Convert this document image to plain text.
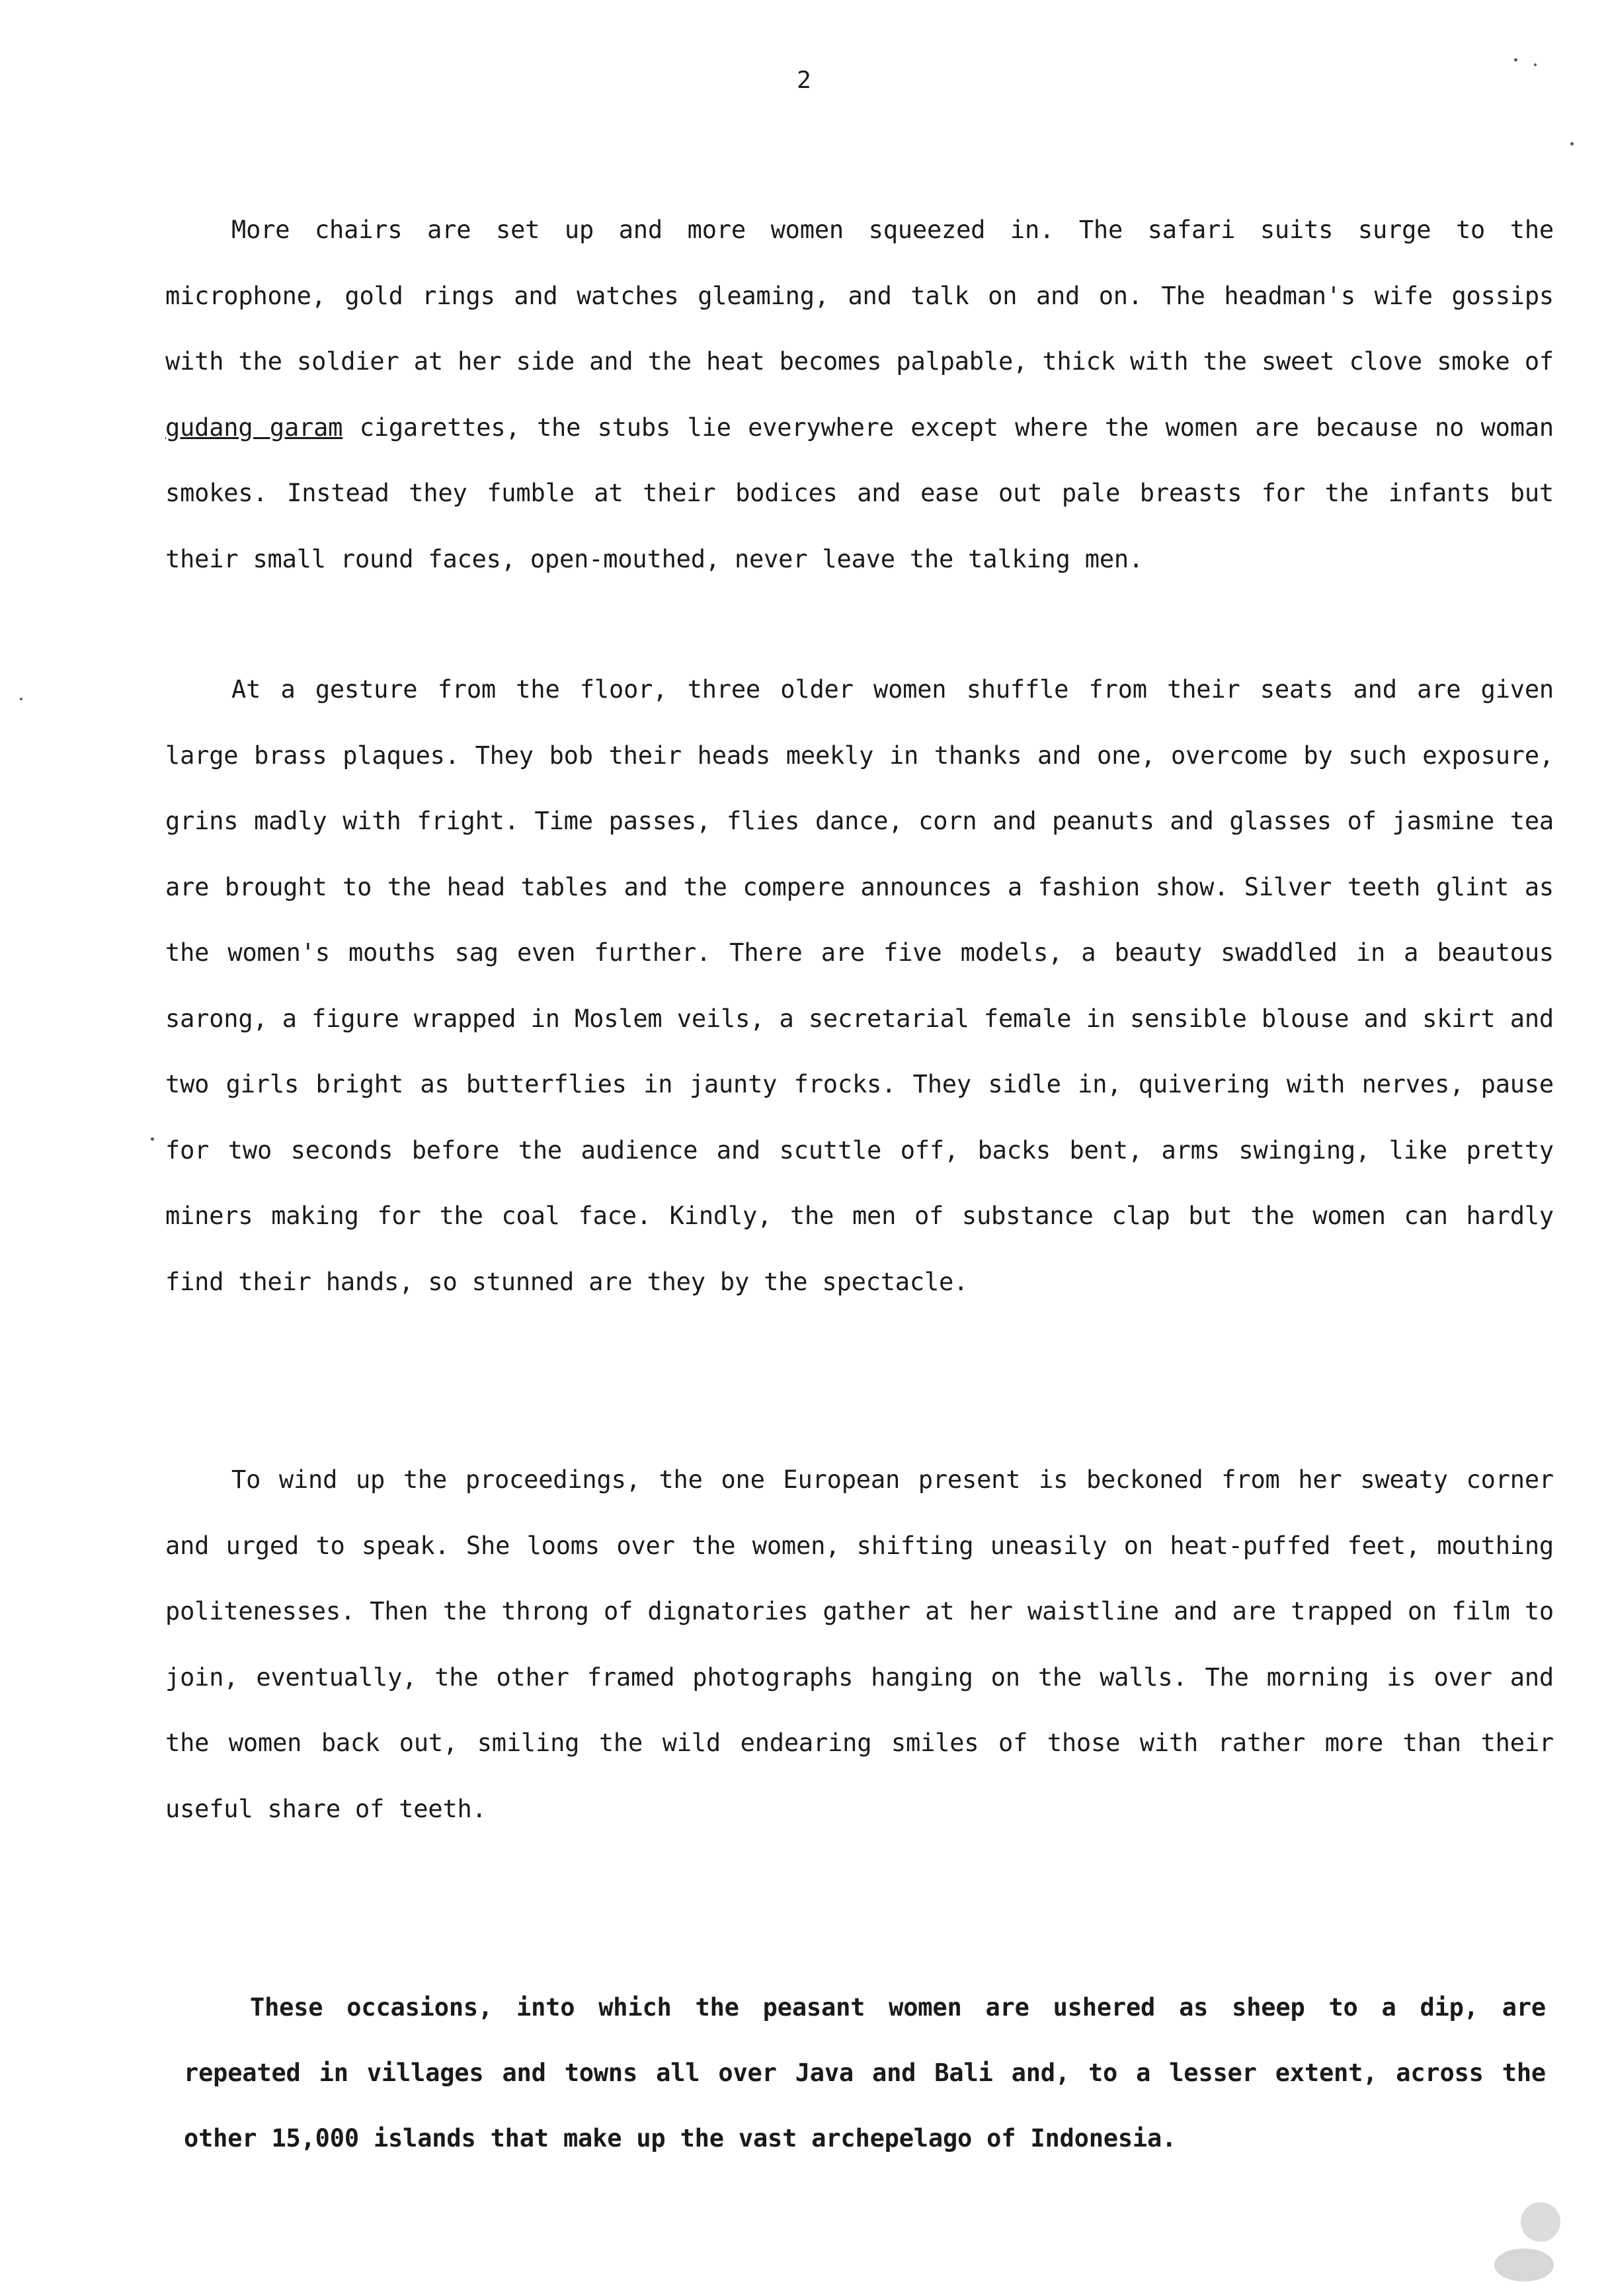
2

More chairs are set up and more women squeezed in. The safari suits surge to the microphone, gold rings and watches gleaming, and talk on and on. The headman's wife gossips with the soldier at her side and the heat becomes palpable, thick with the sweet clove smoke of gudang garam cigarettes, the stubs lie everywhere except where the women are because no woman smokes. Instead they fumble at their bodices and ease out pale breasts for the infants but their small round faces, open-mouthed, never leave the talking men.

At a gesture from the floor, three older women shuffle from their seats and are given large brass plaques. They bob their heads meekly in thanks and one, overcome by such exposure, grins madly with fright. Time passes, flies dance, corn and peanuts and glasses of jasmine tea are brought to the head tables and the compere announces a fashion show. Silver teeth glint as the women's mouths sag even further. There are five models, a beauty swaddled in a beautous sarong, a figure wrapped in Moslem veils, a secretarial female in sensible blouse and skirt and two girls bright as butterflies in jaunty frocks. They sidle in, quivering with nerves, pause for two seconds before the audience and scuttle off, backs bent, arms swinging, like pretty miners making for the coal face. Kindly, the men of substance clap but the women can hardly find their hands, so stunned are they by the spectacle.

To wind up the proceedings, the one European present is beckoned from her sweaty corner and urged to speak. She looms over the women, shifting uneasily on heat-puffed feet, mouthing politenesses. Then the throng of dignatories gather at her waistline and are trapped on film to join, eventually, the other framed photographs hanging on the walls. The morning is over and the women back out, smiling the wild endearing smiles of those with rather more than their useful share of teeth.

These occasions, into which the peasant women are ushered as sheep to a dip, are repeated in villages and towns all over Java and Bali and, to a lesser extent, across the other 15,000 islands that make up the vast archepelago of Indonesia.
